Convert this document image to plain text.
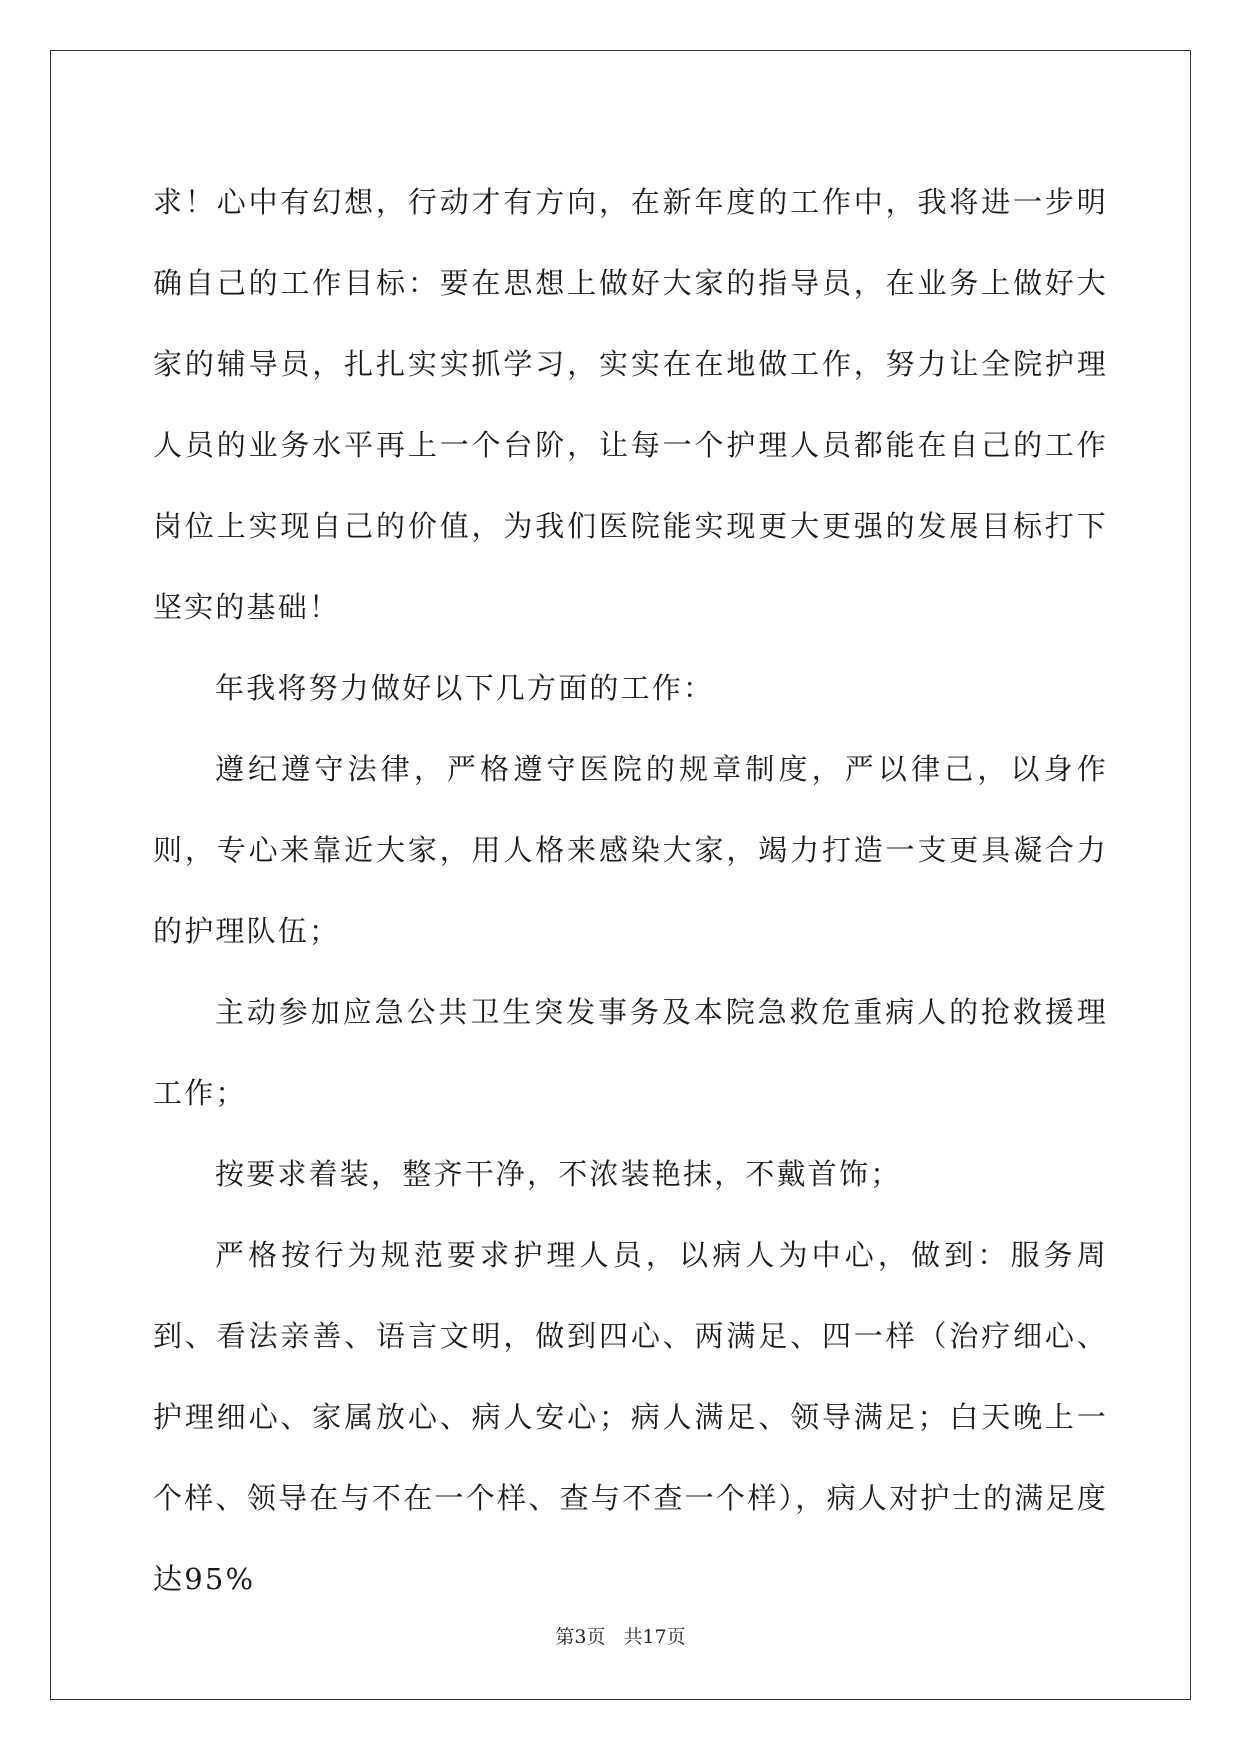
求！心中有幻想，行动才有方向，在新年度的工作中，我将进一步明确自己的工作目标：要在思想上做好大家的指导员，在业务上做好大家的辅导员，扎扎实实抓学习，实实在在地做工作，努力让全院护理人员的业务水平再上一个台阶，让每一个护理人员都能在自己的工作岗位上实现自己的价值，为我们医院能实现更大更强的发展目标打下坚实的基础！

年我将努力做好以下几方面的工作：

遵纪遵守法律，严格遵守医院的规章制度，严以律己，以身作则，专心来靠近大家，用人格来感染大家，竭力打造一支更具凝合力的护理队伍；

主动参加应急公共卫生突发事务及本院急救危重病人的抢救援理工作；

按要求着装，整齐干净，不浓装艳抹，不戴首饰；

严格按行为规范要求护理人员，以病人为中心，做到：服务周到、看法亲善、语言文明，做到四心、两满足、四一样（治疗细心、护理细心、家属放心、病人安心；病人满足、领导满足；白天晚上一个样、领导在与不在一个样、查与不查一个样），病人对护士的满足度达95%

第3页 共17页
